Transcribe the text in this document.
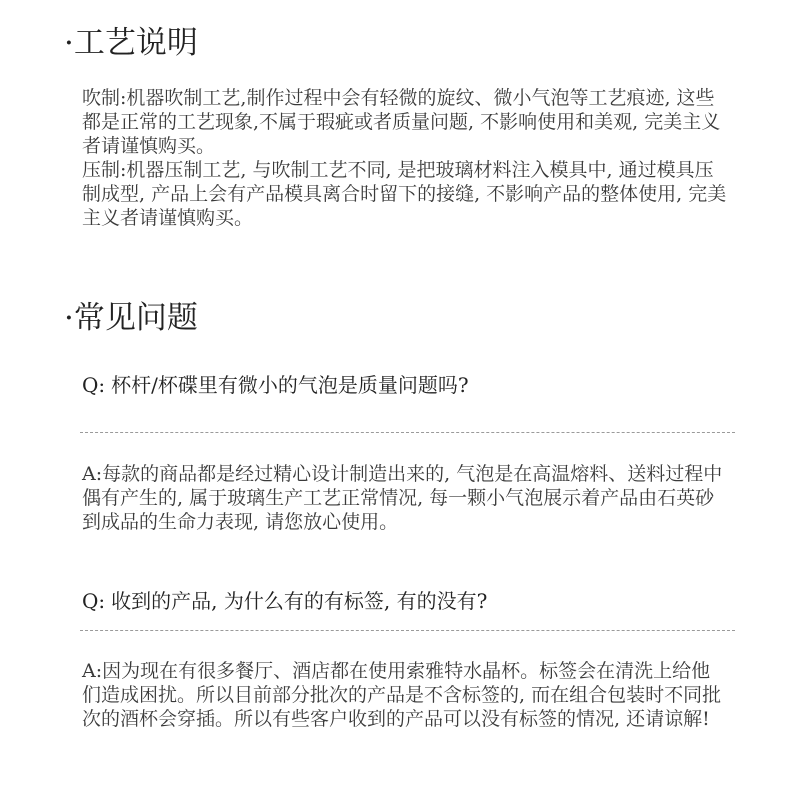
·工艺说明

吹制:机器吹制工艺,制作过程中会有轻微的旋纹、微小气泡等工艺痕迹, 这些都是正常的工艺现象,不属于瑕疵或者质量问题, 不影响使用和美观, 完美主义者请谨慎购买。

压制:机器压制工艺, 与吹制工艺不同, 是把玻璃材料注入模具中, 通过模具压制成型, 产品上会有产品模具离合时留下的接缝, 不影响产品的整体使用, 完美主义者请谨慎购买。

·常见问题
Q: 杯杆/杯碟里有微小的气泡是质量问题吗?
A:每款的商品都是经过精心设计制造出来的, 气泡是在高温熔料、送料过程中偶有产生的, 属于玻璃生产工艺正常情况, 每一颗小气泡展示着产品由石英砂到成品的生命力表现, 请您放心使用。
Q: 收到的产品, 为什么有的有标签, 有的没有?
A:因为现在有很多餐厅、酒店都在使用索雅特水晶杯。标签会在清洗上给他们造成困扰。所以目前部分批次的产品是不含标签的, 而在组合包装时不同批次的酒杯会穿插。所以有些客户收到的产品可以没有标签的情况, 还请谅解!
